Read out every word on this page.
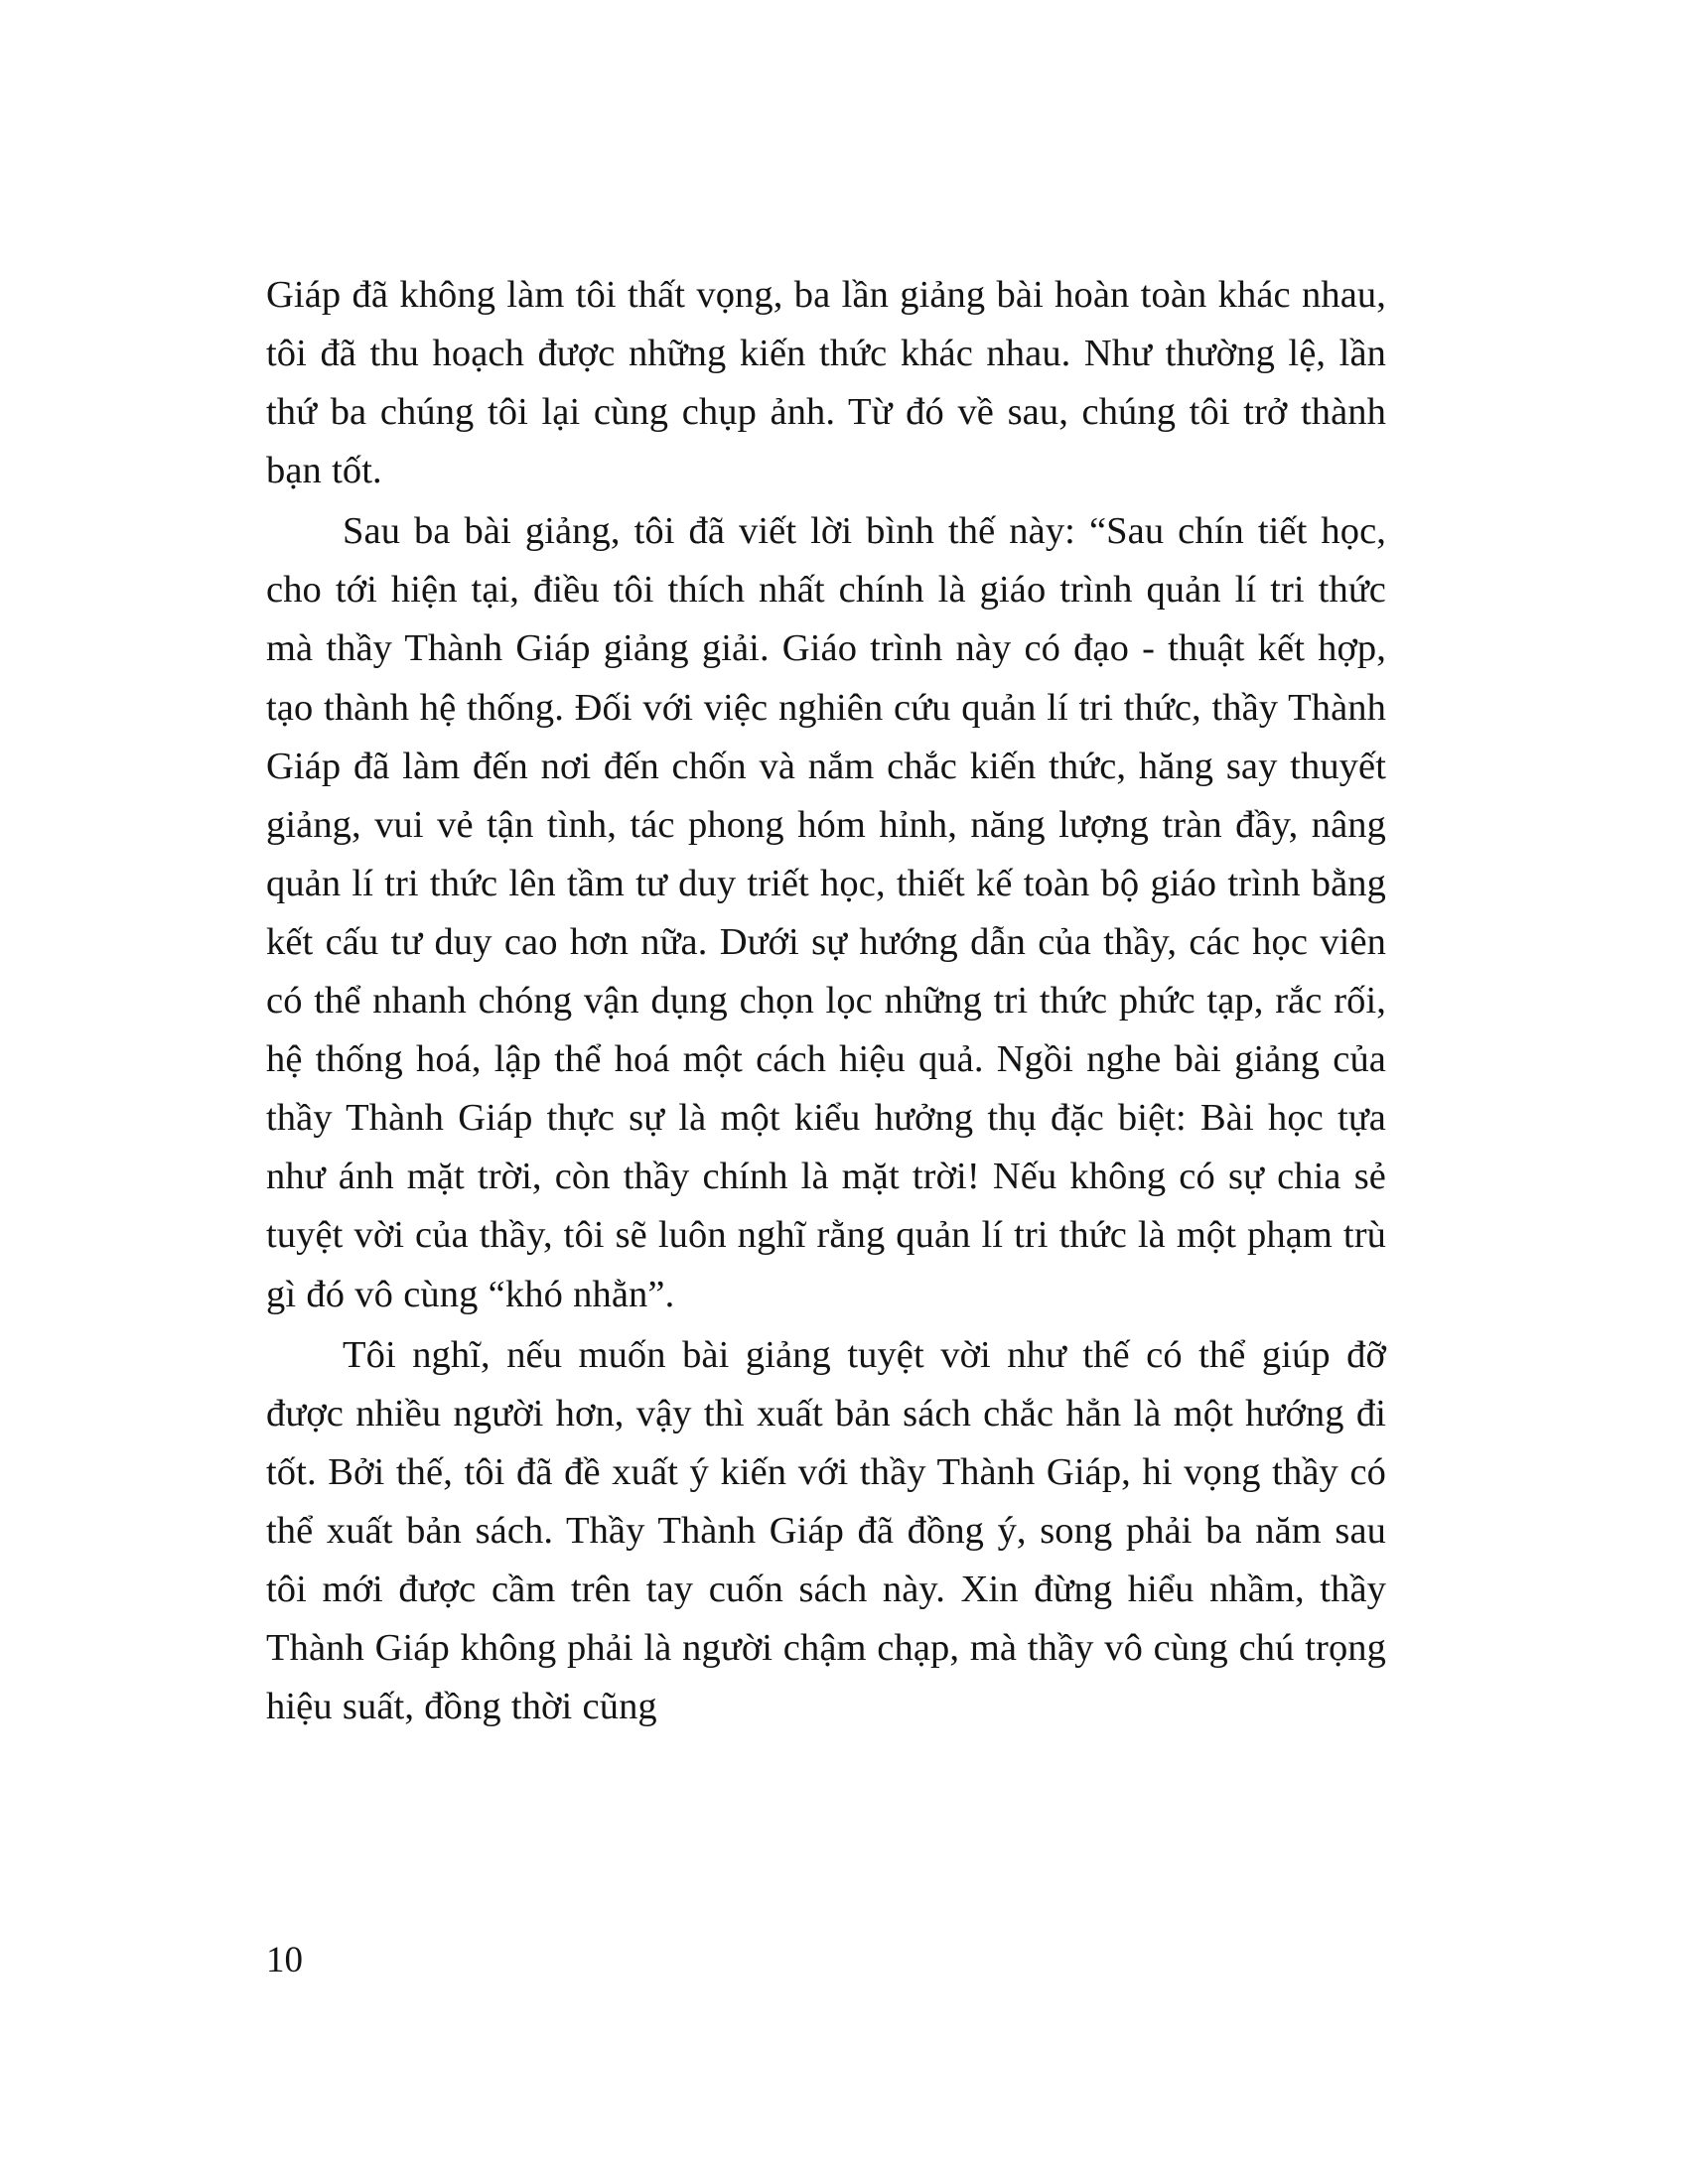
Giáp đã không làm tôi thất vọng, ba lần giảng bài hoàn toàn khác nhau, tôi đã thu hoạch được những kiến thức khác nhau. Như thường lệ, lần thứ ba chúng tôi lại cùng chụp ảnh. Từ đó về sau, chúng tôi trở thành bạn tốt.

Sau ba bài giảng, tôi đã viết lời bình thế này: “Sau chín tiết học, cho tới hiện tại, điều tôi thích nhất chính là giáo trình quản lí tri thức mà thầy Thành Giáp giảng giải. Giáo trình này có đạo - thuật kết hợp, tạo thành hệ thống. Đối với việc nghiên cứu quản lí tri thức, thầy Thành Giáp đã làm đến nơi đến chốn và nắm chắc kiến thức, hăng say thuyết giảng, vui vẻ tận tình, tác phong hóm hỉnh, năng lượng tràn đầy, nâng quản lí tri thức lên tầm tư duy triết học, thiết kế toàn bộ giáo trình bằng kết cấu tư duy cao hơn nữa. Dưới sự hướng dẫn của thầy, các học viên có thể nhanh chóng vận dụng chọn lọc những tri thức phức tạp, rắc rối, hệ thống hoá, lập thể hoá một cách hiệu quả. Ngồi nghe bài giảng của thầy Thành Giáp thực sự là một kiểu hưởng thụ đặc biệt: Bài học tựa như ánh mặt trời, còn thầy chính là mặt trời! Nếu không có sự chia sẻ tuyệt vời của thầy, tôi sẽ luôn nghĩ rằng quản lí tri thức là một phạm trù gì đó vô cùng “khó nhằn”.

Tôi nghĩ, nếu muốn bài giảng tuyệt vời như thế có thể giúp đỡ được nhiều người hơn, vậy thì xuất bản sách chắc hẳn là một hướng đi tốt. Bởi thế, tôi đã đề xuất ý kiến với thầy Thành Giáp, hi vọng thầy có thể xuất bản sách. Thầy Thành Giáp đã đồng ý, song phải ba năm sau tôi mới được cầm trên tay cuốn sách này. Xin đừng hiểu nhầm, thầy Thành Giáp không phải là người chậm chạp, mà thầy vô cùng chú trọng hiệu suất, đồng thời cũng

10
